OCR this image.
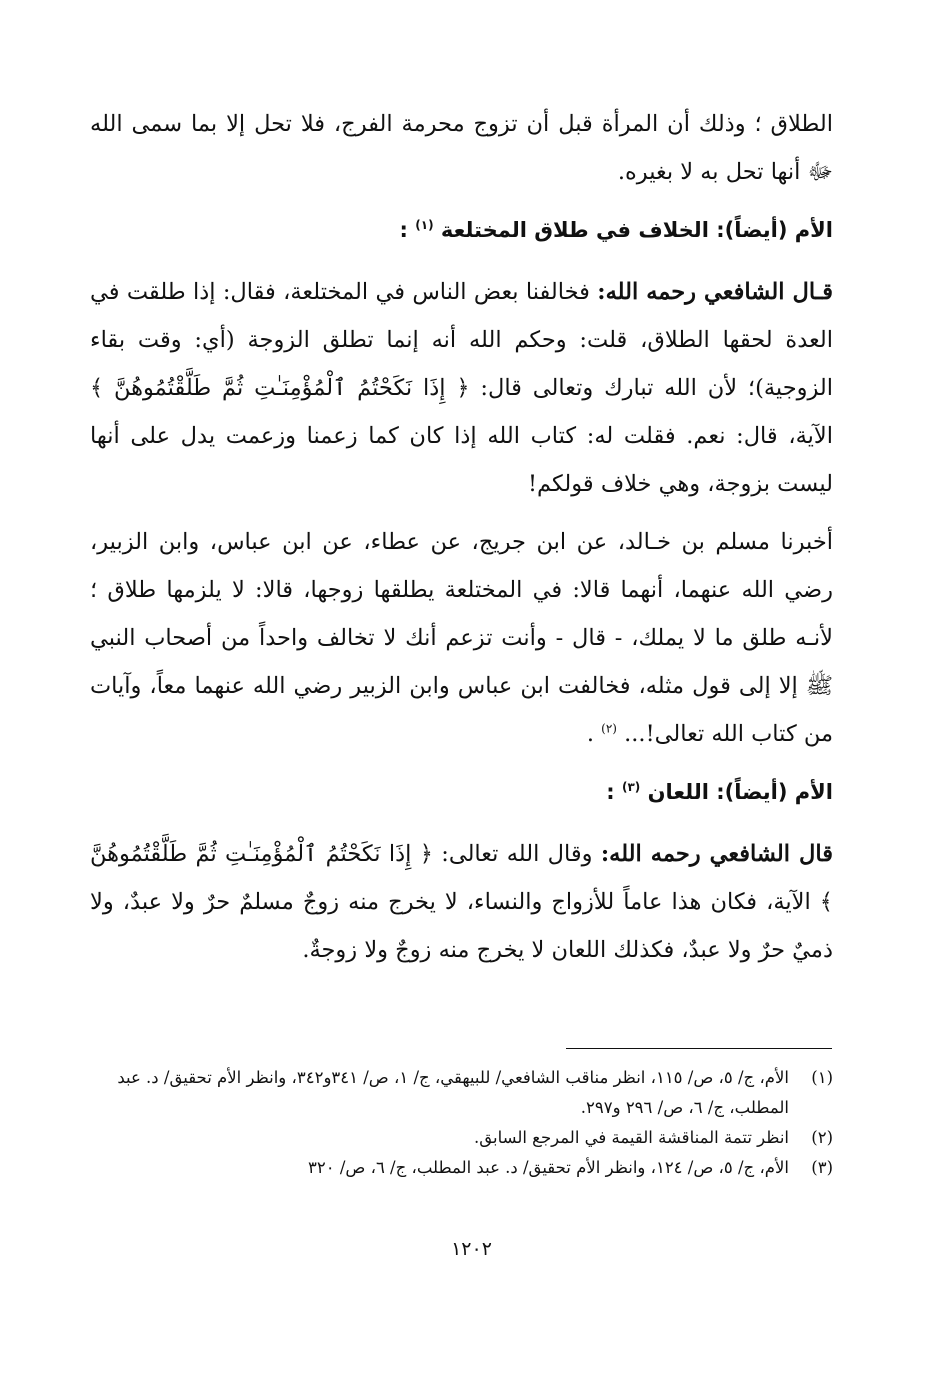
الطلاق ؛ وذلك أن المرأة قبل أن تزوج محرمة الفرج، فلا تحل إلا بما سمى الله ﷻ أنها تحل به لا بغيره.

الأم (أيضاً): الخلاف في طلاق المختلعة $^{(١)}$ :

قـال الشافعي رحمه الله: فخالفنا بعض الناس في المختلعة، فقال: إذا طلقت في العدة لحقها الطلاق، قلت: وحكم الله أنه إنما تطلق الزوجة (أي: وقت بقاء الزوجية)؛ لأن الله تبارك وتعالى قال: ﴿ إِذَا نَكَحْتُمُ ٱلْمُؤْمِنَـٰتِ ثُمَّ طَلَّقْتُمُوهُنَّ ﴾ الآية، قال: نعم. فقلت له: كتاب الله إذا كان كما زعمنا وزعمت يدل على أنها ليست بزوجة، وهي خلاف قولكم!

أخبرنا مسلم بن خـالد، عن ابن جريج، عن عطاء، عن ابن عباس، وابن الزبير، رضي الله عنهما، أنهما قالا: في المختلعة يطلقها زوجها، قالا: لا يلزمها طلاق ؛ لأنـه طلق ما لا يملك، - قال - وأنت تزعم أنك لا تخالف واحداً من أصحاب النبي ﷺ إلا إلى قول مثله، فخالفت ابن عباس وابن الزبير رضي الله عنهما معاً، وآيات من كتاب الله تعالى!... $^{(٢)}$ .

الأم (أيضاً): اللعان $^{(٣)}$ :

قال الشافعي رحمه الله: وقال الله تعالى: ﴿ إِذَا نَكَحْتُمُ ٱلْمُؤْمِنَـٰتِ ثُمَّ طَلَّقْتُمُوهُنَّ ﴾ الآية، فكان هذا عاماً للأزواج والنساء، لا يخرج منه زوجٌ مسلمٌ حرٌ ولا عبدٌ، ولا ذميٌ حرٌ ولا عبدٌ، فكذلك اللعان لا يخرج منه زوجٌ ولا زوجةٌ.

(١)
الأم، ج/ ٥، ص/ ١١٥، انظر مناقب الشافعي/ للبيهقي، ج/ ١، ص/ ٣٤١و٣٤٢، وانظر الأم تحقيق/ د. عبد المطلب، ج/ ٦، ص/ ٢٩٦ و٢٩٧.
(٢)
انظر تتمة المناقشة القيمة في المرجع السابق.
(٣)
الأم، ج/ ٥، ص/ ١٢٤، وانظر الأم تحقيق/ د. عبد المطلب، ج/ ٦، ص/ ٣٢٠
١٢٠٢
